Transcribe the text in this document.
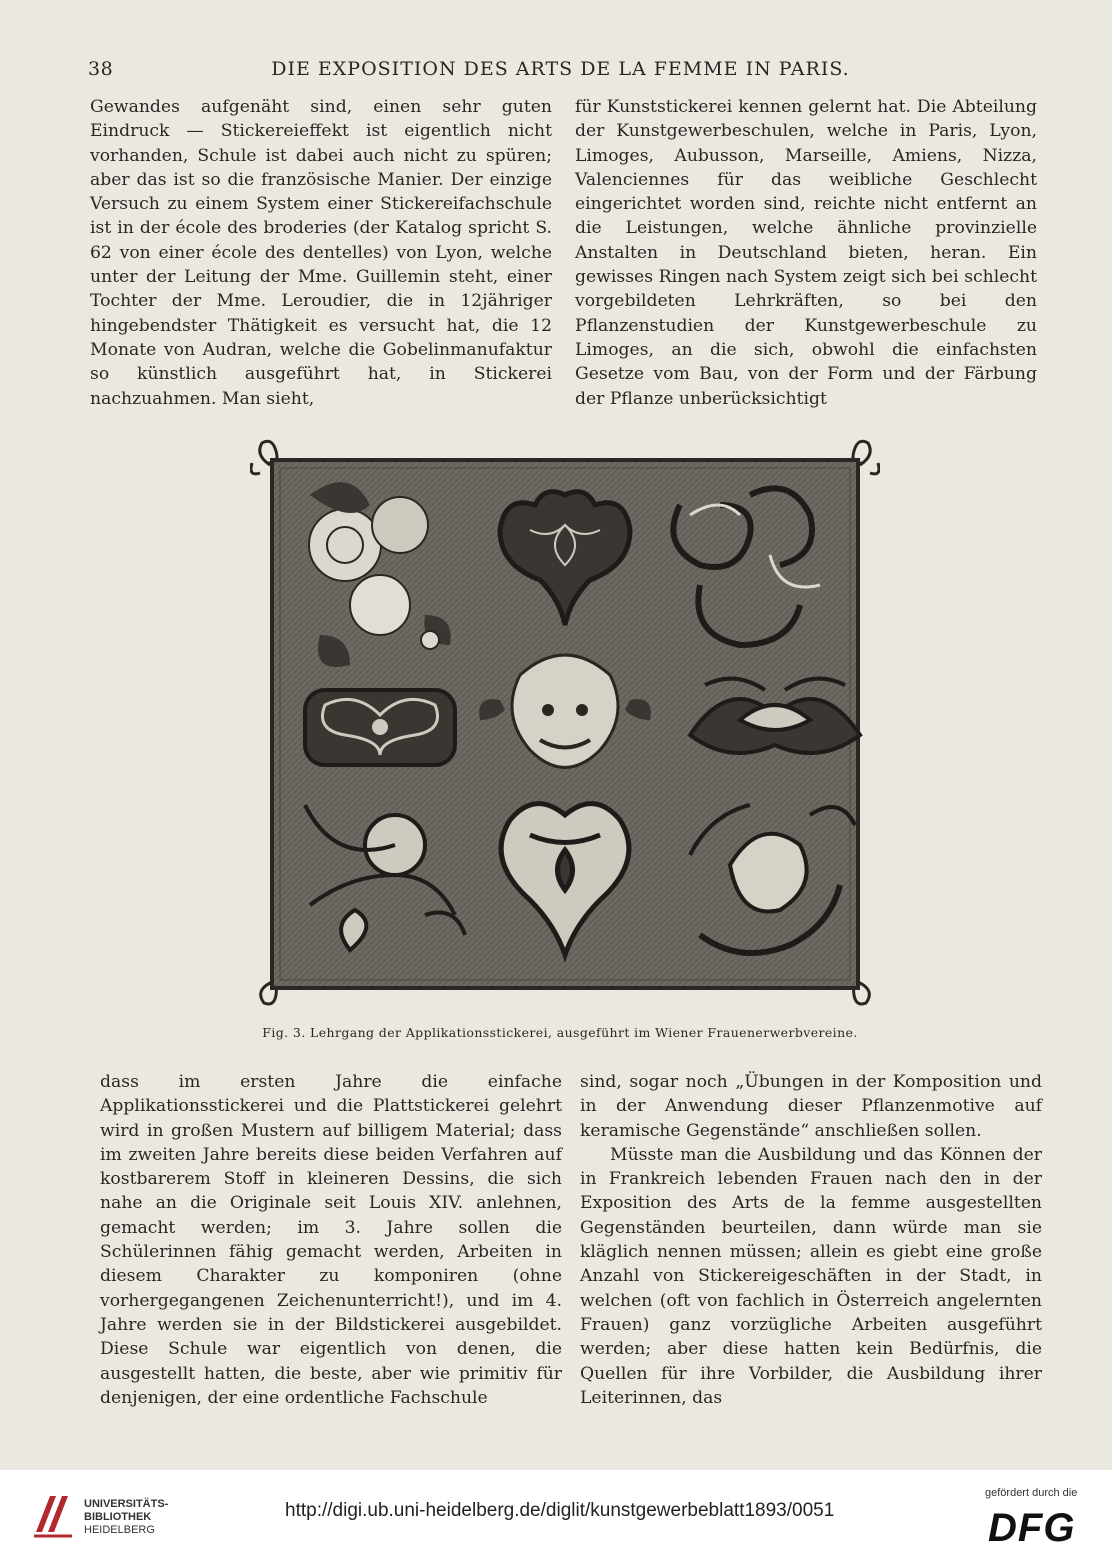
38	DIE EXPOSITION DES ARTS DE LA FEMME IN PARIS.

Gewandes aufgenäht sind, einen sehr guten Eindruck — Stickereieffekt ist eigentlich nicht vorhanden, Schule ist dabei auch nicht zu spüren; aber das ist so die französische Manier. Der einzige Versuch zu einem System einer Stickereifachschule ist in der école des broderies (der Katalog spricht S. 62 von einer école des dentelles) von Lyon, welche unter der Leitung der Mme. Guillemin steht, einer Tochter der Mme. Leroudier, die in 12jähriger hingebendster Thätigkeit es versucht hat, die 12 Monate von Audran, welche die Gobelinmanufaktur so künstlich ausgeführt hat, in Stickerei nachzuahmen. Man sieht,

für Kunststickerei kennen gelernt hat. Die Abteilung der Kunstgewerbeschulen, welche in Paris, Lyon, Limoges, Aubusson, Marseille, Amiens, Nizza, Valenciennes für das weibliche Geschlecht eingerichtet worden sind, reichte nicht entfernt an die Leistungen, welche ähnliche provinzielle Anstalten in Deutschland bieten, heran. Ein gewisses Ringen nach System zeigt sich bei schlecht vorgebildeten Lehrkräften, so bei den Pflanzenstudien der Kunstgewerbeschule zu Limoges, an die sich, obwohl die einfachsten Gesetze vom Bau, von der Form und der Färbung der Pflanze unberücksichtigt

Fig. 3. Lehrgang der Applikationsstickerei, ausgeführt im Wiener Frauenerwerbvereine.

dass im ersten Jahre die einfache Applikationsstickerei und die Plattstickerei gelehrt wird in großen Mustern auf billigem Material; dass im zweiten Jahre bereits diese beiden Verfahren auf kostbarerem Stoff in kleineren Dessins, die sich nahe an die Originale seit Louis XIV. anlehnen, gemacht werden; im 3. Jahre sollen die Schülerinnen fähig gemacht werden, Arbeiten in diesem Charakter zu komponiren (ohne vorhergegangenen Zeichenunterricht!), und im 4. Jahre werden sie in der Bildstickerei ausgebildet. Diese Schule war eigentlich von denen, die ausgestellt hatten, die beste, aber wie primitiv für denjenigen, der eine ordentliche Fachschule

sind, sogar noch „Übungen in der Komposition und in der Anwendung dieser Pflanzenmotive auf keramische Gegenstände“ anschließen sollen.

Müsste man die Ausbildung und das Können der in Frankreich lebenden Frauen nach den in der Exposition des Arts de la femme ausgestellten Gegenständen beurteilen, dann würde man sie kläglich nennen müssen; allein es giebt eine große Anzahl von Stickereigeschäften in der Stadt, in welchen (oft von fachlich in Österreich angelernten Frauen) ganz vorzügliche Arbeiten ausgeführt werden; aber diese hatten kein Bedürfnis, die Quellen für ihre Vorbilder, die Ausbildung ihrer Leiterinnen, das

UNIVERSITÄTS-
BIBLIOTHEK
HEIDELBERG
http://digi.ub.uni-heidelberg.de/diglit/kunstgewerbeblatt1893/0051
gefördert durch die
DFG
